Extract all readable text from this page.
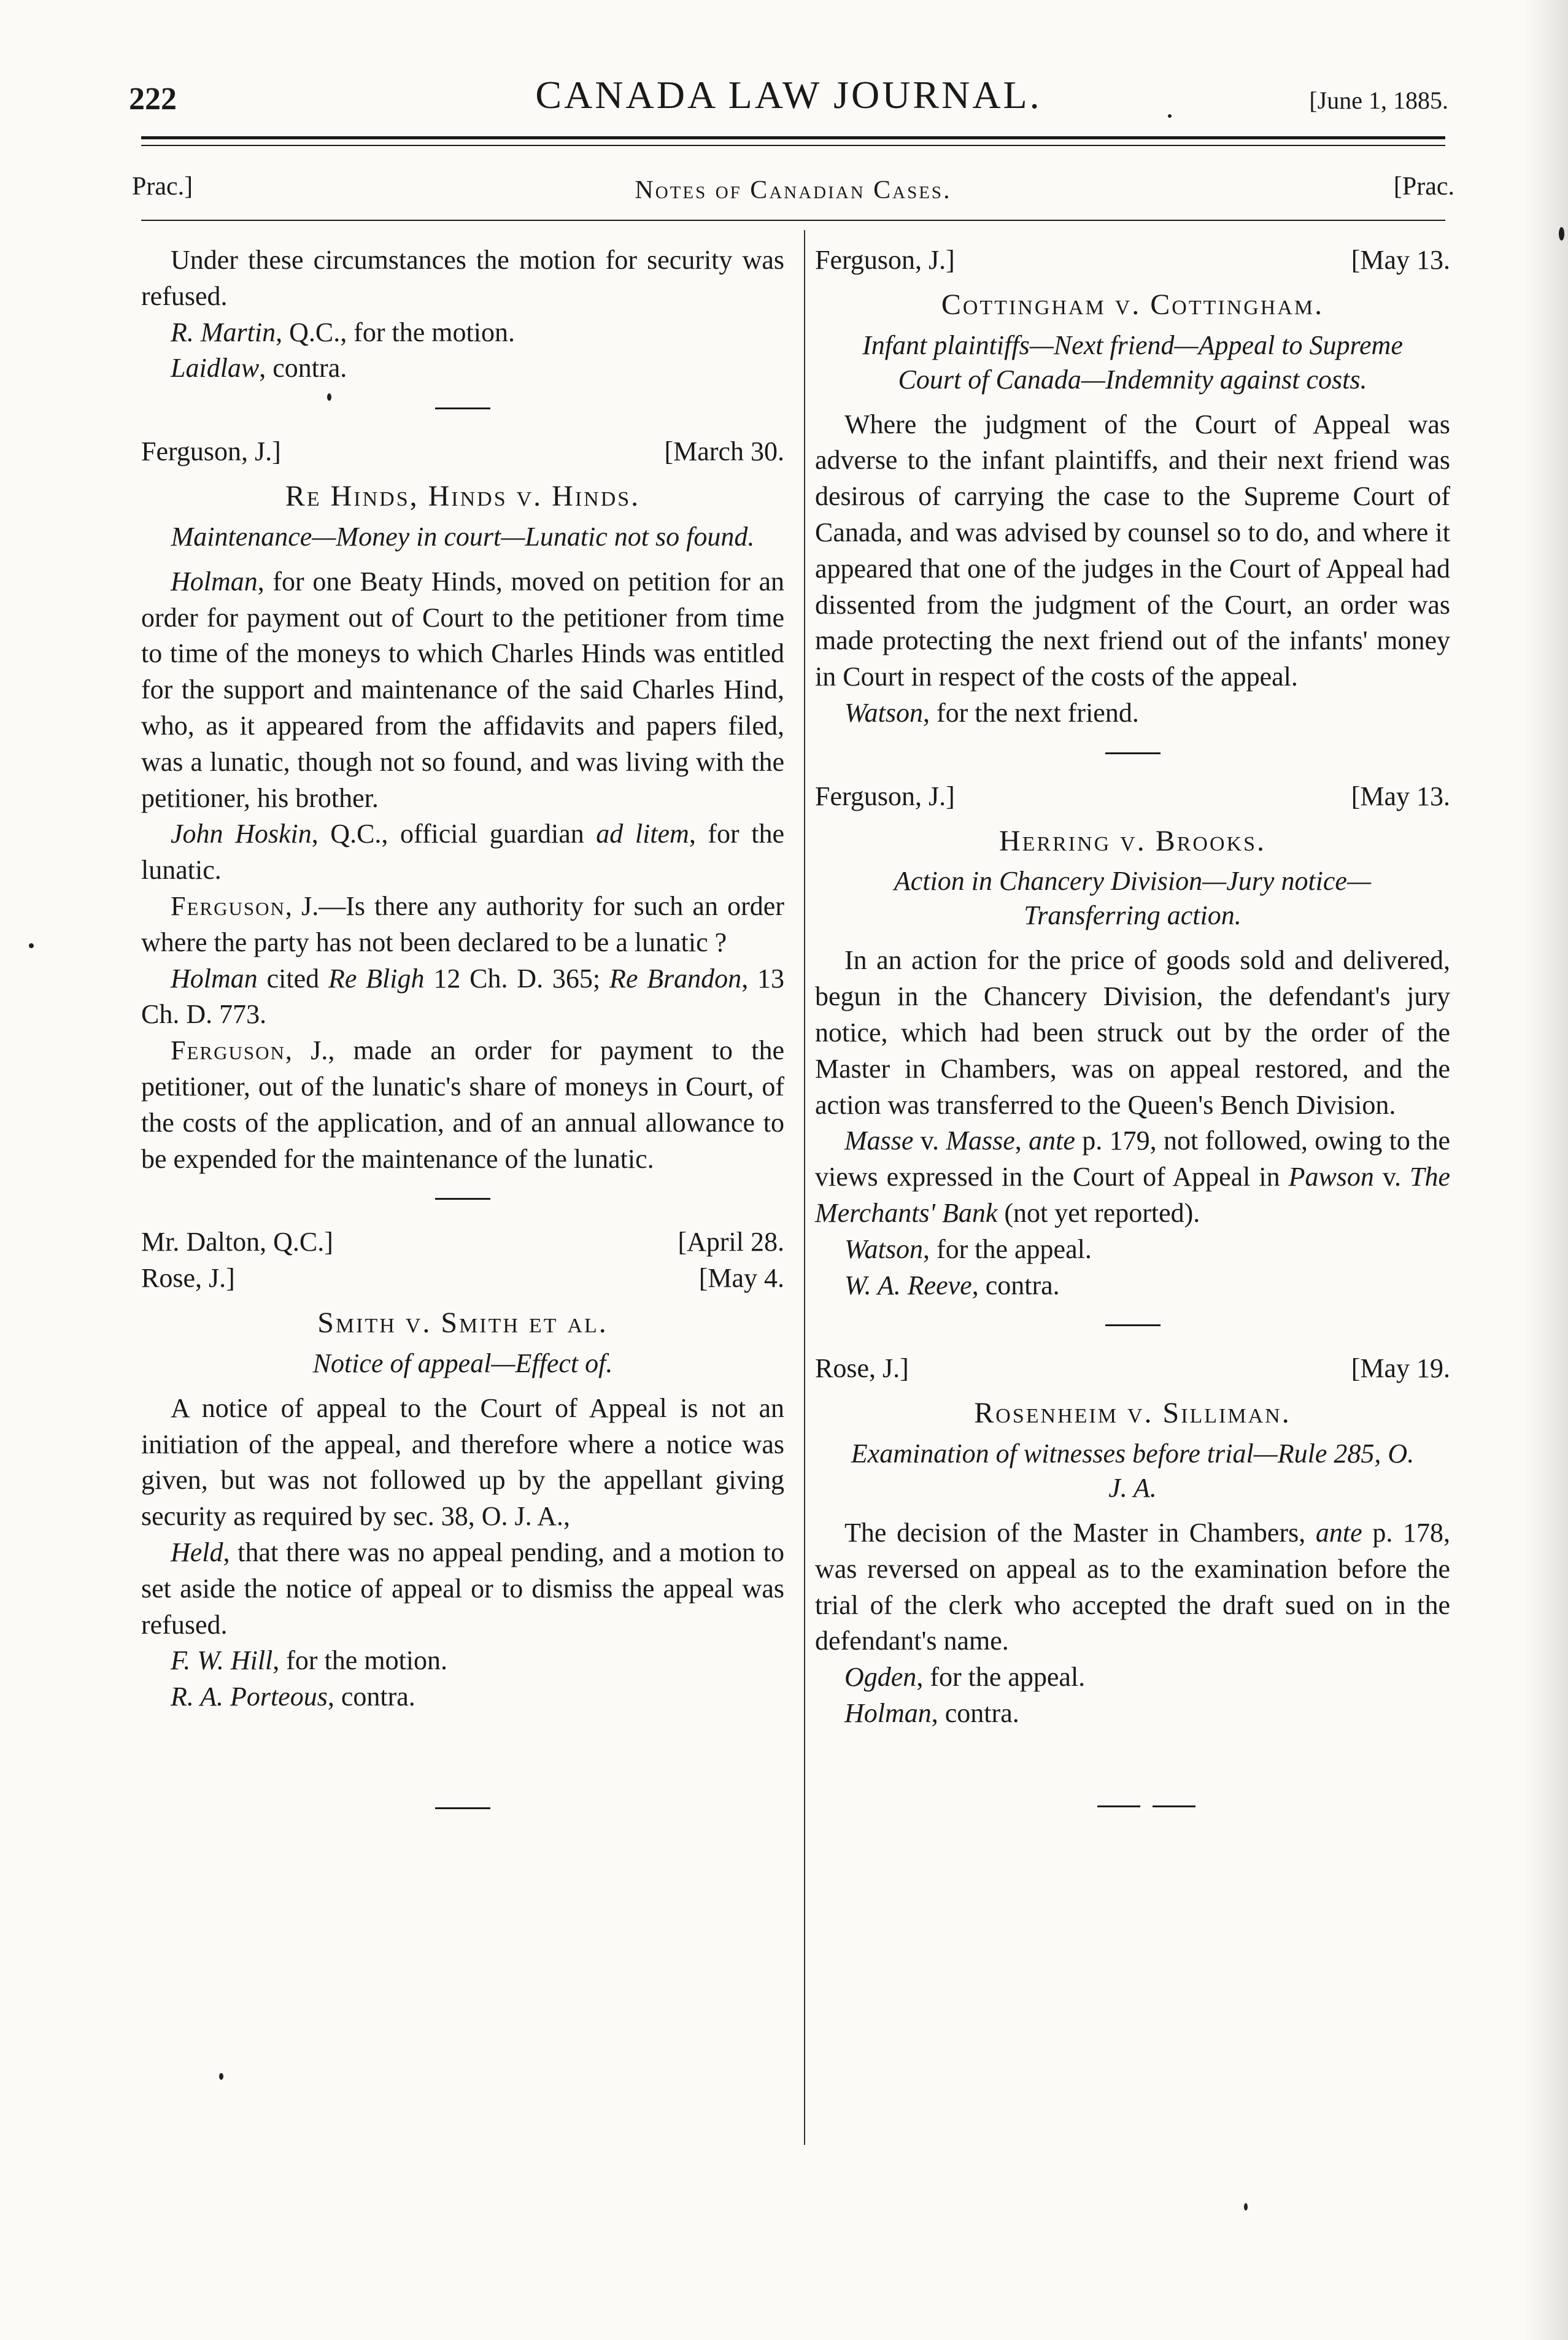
222	CANADA LAW JOURNAL.	[June 1, 1885.
Prac.]	Notes of Canadian Cases.	[Prac.

Under these circumstances the motion for security was refused.

R. Martin, Q.C., for the motion.

Laidlaw, contra.

Ferguson, J.]	[March 30.
Re Hinds, Hinds v. Hinds.
Maintenance—Money in court—Lunatic not so found.

Holman, for one Beaty Hinds, moved on petition for an order for payment out of Court to the petitioner from time to time of the moneys to which Charles Hinds was entitled for the support and maintenance of the said Charles Hind, who, as it appeared from the affidavits and papers filed, was a lunatic, though not so found, and was living with the petitioner, his brother.

John Hoskin, Q.C., official guardian ad litem, for the lunatic.

Ferguson, J.—Is there any authority for such an order where the party has not been declared to be a lunatic ?

Holman cited Re Bligh 12 Ch. D. 365; Re Brandon, 13 Ch. D. 773.

Ferguson, J., made an order for payment to the petitioner, out of the lunatic's share of moneys in Court, of the costs of the application, and of an annual allowance to be expended for the maintenance of the lunatic.

Mr. Dalton, Q.C.]	[April 28.
Rose, J.]	[May 4.
Smith v. Smith et al.
Notice of appeal—Effect of.

A notice of appeal to the Court of Appeal is not an initiation of the appeal, and therefore where a notice was given, but was not followed up by the appellant giving security as required by sec. 38, O. J. A.,

Held, that there was no appeal pending, and a motion to set aside the notice of appeal or to dismiss the appeal was refused.

F. W. Hill, for the motion.

R. A. Porteous, contra.

Ferguson, J.]	[May 13.
Cottingham v. Cottingham.
Infant plaintiffs—Next friend—Appeal to Supreme Court of Canada—Indemnity against costs.

Where the judgment of the Court of Appeal was adverse to the infant plaintiffs, and their next friend was desirous of carrying the case to the Supreme Court of Canada, and was advised by counsel so to do, and where it appeared that one of the judges in the Court of Appeal had dissented from the judgment of the Court, an order was made protecting the next friend out of the infants' money in Court in respect of the costs of the appeal.

Watson, for the next friend.

Ferguson, J.]	[May 13.
Herring v. Brooks.
Action in Chancery Division—Jury notice—Transferring action.

In an action for the price of goods sold and delivered, begun in the Chancery Division, the defendant's jury notice, which had been struck out by the order of the Master in Chambers, was on appeal restored, and the action was transferred to the Queen's Bench Division.

Masse v. Masse, ante p. 179, not followed, owing to the views expressed in the Court of Appeal in Pawson v. The Merchants' Bank (not yet reported).

Watson, for the appeal.

W. A. Reeve, contra.

Rose, J.]	[May 19.
Rosenheim v. Silliman.
Examination of witnesses before trial—Rule 285, O. J. A.

The decision of the Master in Chambers, ante p. 178, was reversed on appeal as to the examination before the trial of the clerk who accepted the draft sued on in the defendant's name.

Ogden, for the appeal.

Holman, contra.
